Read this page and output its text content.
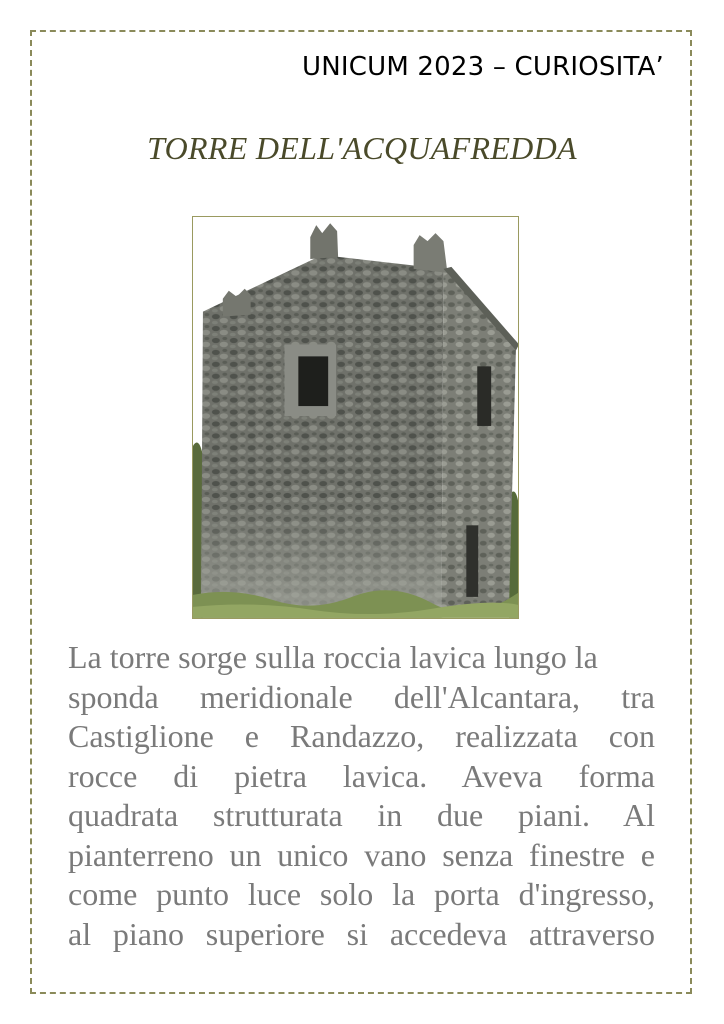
UNICUM 2023 – CURIOSITA’
TORRE DELL'ACQUAFREDDA
La torre sorge sulla roccia lavica lungo la
sponda meridionale dell'Alcantara, tra
Castiglione e Randazzo, realizzata con
rocce di pietra lavica. Aveva forma
quadrata strutturata in due piani. Al
pianterreno un unico vano senza finestre e
come punto luce solo la porta d'ingresso,
al piano superiore si accedeva attraverso
